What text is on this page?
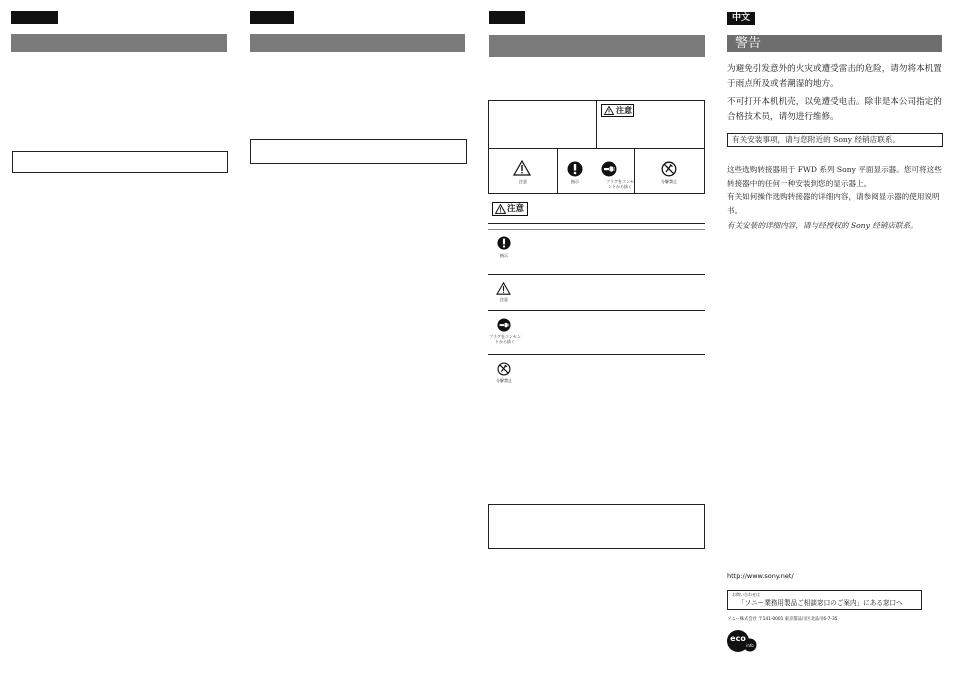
注意
注意	指示	プラグをコンセントから抜く
分解禁止
注意
指示
注意
プラグをコンセントから抜く
分解禁止
中文
警告
为避免引发意外的火灾或遭受雷击的危险，请勿将本机置于雨点所及或者潮湿的地方。
不可打开本机机壳，以免遭受电击。除非是本公司指定的合格技术员，请勿进行维修。
有关安装事项，请与您附近的 Sony 经销店联系。
这些选购转接器用于 FWD 系列 Sony 平面显示器。您可将这些转接器中的任何一种安装到您的显示器上。
有关如何操作选购转接器的详细内容，请参阅显示器的使用说明书。
有关安装的详细内容，请与经授权的 Sony 经销店联系。
http://www.sony.net/
お問い合わせは
「ソニー業務用製品ご相談窓口のご案内」にある窓口へ
ソニー株式会社 〒141-0001 東京都品川区北品川6-7-35
eco
info
